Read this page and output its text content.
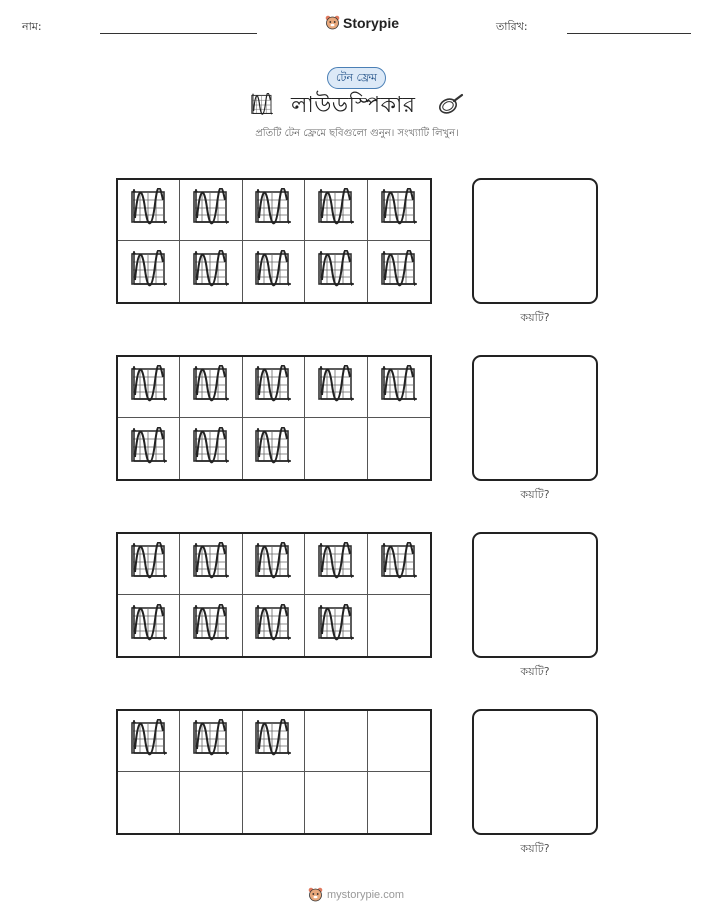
নাম:	Storypie	তারিখ:
টেন ফ্রেম
লাউডস্পিকার
প্রতিটি টেন ফ্রেমে ছবিগুলো গুনুন। সংখ্যাটি লিখুন।
কয়টি?
কয়টি?
কয়টি?
কয়টি?
mystorypie.com
